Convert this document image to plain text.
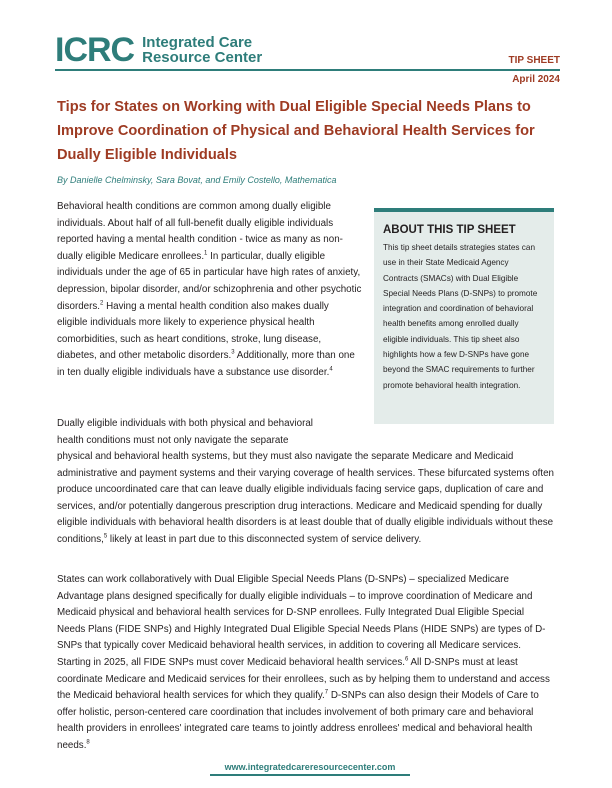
ICRC Integrated Care
Resource Center	TIP SHEET
April 2024
Tips for States on Working with Dual Eligible Special Needs Plans to Improve Coordination of Physical and Behavioral Health Services for Dually Eligible Individuals
By Danielle Chelminsky, Sara Bovat, and Emily Costello, Mathematica
ABOUT THIS TIP SHEET
This tip sheet details strategies states can use in their State Medicaid Agency Contracts (SMACs) with Dual Eligible Special Needs Plans (D-SNPs) to promote integration and coordination of behavioral health benefits among enrolled dually eligible individuals. This tip sheet also highlights how a few D-SNPs have gone beyond the SMAC requirements to further promote behavioral health integration.

Behavioral health conditions are common among dually eligible individuals. About half of all full-benefit dually eligible individuals reported having a mental health condition - twice as many as non-dually eligible Medicare enrollees.$^1$ In particular, dually eligible individuals under the age of 65 in particular have high rates of anxiety, depression, bipolar disorder, and/or schizophrenia and other psychotic disorders.$^2$ Having a mental health condition also makes dually eligible individuals more likely to experience physical health comorbidities, such as heart conditions, stroke, lung disease, diabetes, and other metabolic disorders.$^3$ Additionally, more than one in ten dually eligible individuals have a substance use disorder.$^4$

Dually eligible individuals with both physical and behavioral
health conditions must not only navigate the separate

physical and behavioral health systems, but they must also navigate the separate Medicare and Medicaid administrative and payment systems and their varying coverage of health services. These bifurcated systems often produce uncoordinated care that can leave dually eligible individuals facing service gaps, duplication of care and services, and/or potentially dangerous prescription drug interactions. Medicare and Medicaid spending for dually eligible individuals with behavioral health disorders is at least double that of dually eligible individuals without these conditions,$^5$ likely at least in part due to this disconnected system of service delivery.

States can work collaboratively with Dual Eligible Special Needs Plans (D-SNPs) – specialized Medicare Advantage plans designed specifically for dually eligible individuals – to improve coordination of Medicare and Medicaid physical and behavioral health services for D-SNP enrollees. Fully Integrated Dual Eligible Special Needs Plans (FIDE SNPs) and Highly Integrated Dual Eligible Special Needs Plans (HIDE SNPs) are types of D-SNPs that typically cover Medicaid behavioral health services, in addition to covering all Medicare services. Starting in 2025, all FIDE SNPs must cover Medicaid behavioral health services.$^6$ All D-SNPs must at least coordinate Medicare and Medicaid services for their enrollees, such as by helping them to understand and access the Medicaid behavioral health services for which they qualify.$^7$ D-SNPs can also design their Models of Care to offer holistic, person-centered care coordination that includes involvement of both primary care and behavioral health providers in enrollees' integrated care teams to jointly address enrollees' medical and behavioral health needs.$^8$

www.integratedcareresourcecenter.com
